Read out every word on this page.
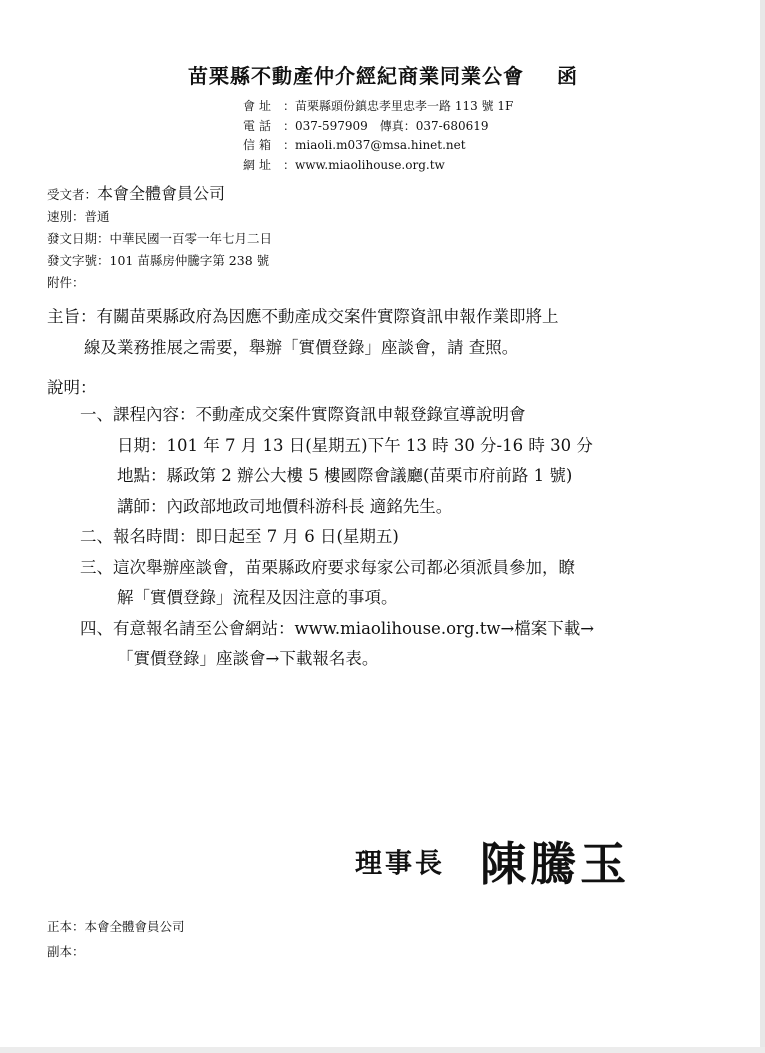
苗栗縣不動產仲介經紀商業同業公會 函
會址 ：苗栗縣頭份鎮忠孝里忠孝一路 113 號 1F
電話 ：037-597909　傳真：037-680619
信箱 ：miaoli.m037@msa.hinet.net
網址 ：www.miaolihouse.org.tw
受文者：本會全體會員公司
速別：普通
發文日期：中華民國一百零一年七月二日
發文字號：101 苗縣房仲騰字第 238 號
附件：
主旨：有關苗栗縣政府為因應不動產成交案件實際資訊申報作業即將上
線及業務推展之需要，舉辦「實價登錄」座談會，請 查照。
說明：
一、課程內容：不動產成交案件實際資訊申報登錄宣導說明會
日期：101 年 7 月 13 日(星期五)下午 13 時 30 分-16 時 30 分
地點：縣政第 2 辦公大樓 5 樓國際會議廳(苗栗市府前路 1 號)
講師：內政部地政司地價科游科長 適銘先生。
二、報名時間：即日起至 7 月 6 日(星期五)
三、這次舉辦座談會，苗栗縣政府要求每家公司都必須派員參加，瞭
解「實價登錄」流程及因注意的事項。
四、有意報名請至公會網站：www.miaolihouse.org.tw→檔案下載→
「實價登錄」座談會→下載報名表。
理事長 陳騰玉
正本：本會全體會員公司
副本：
